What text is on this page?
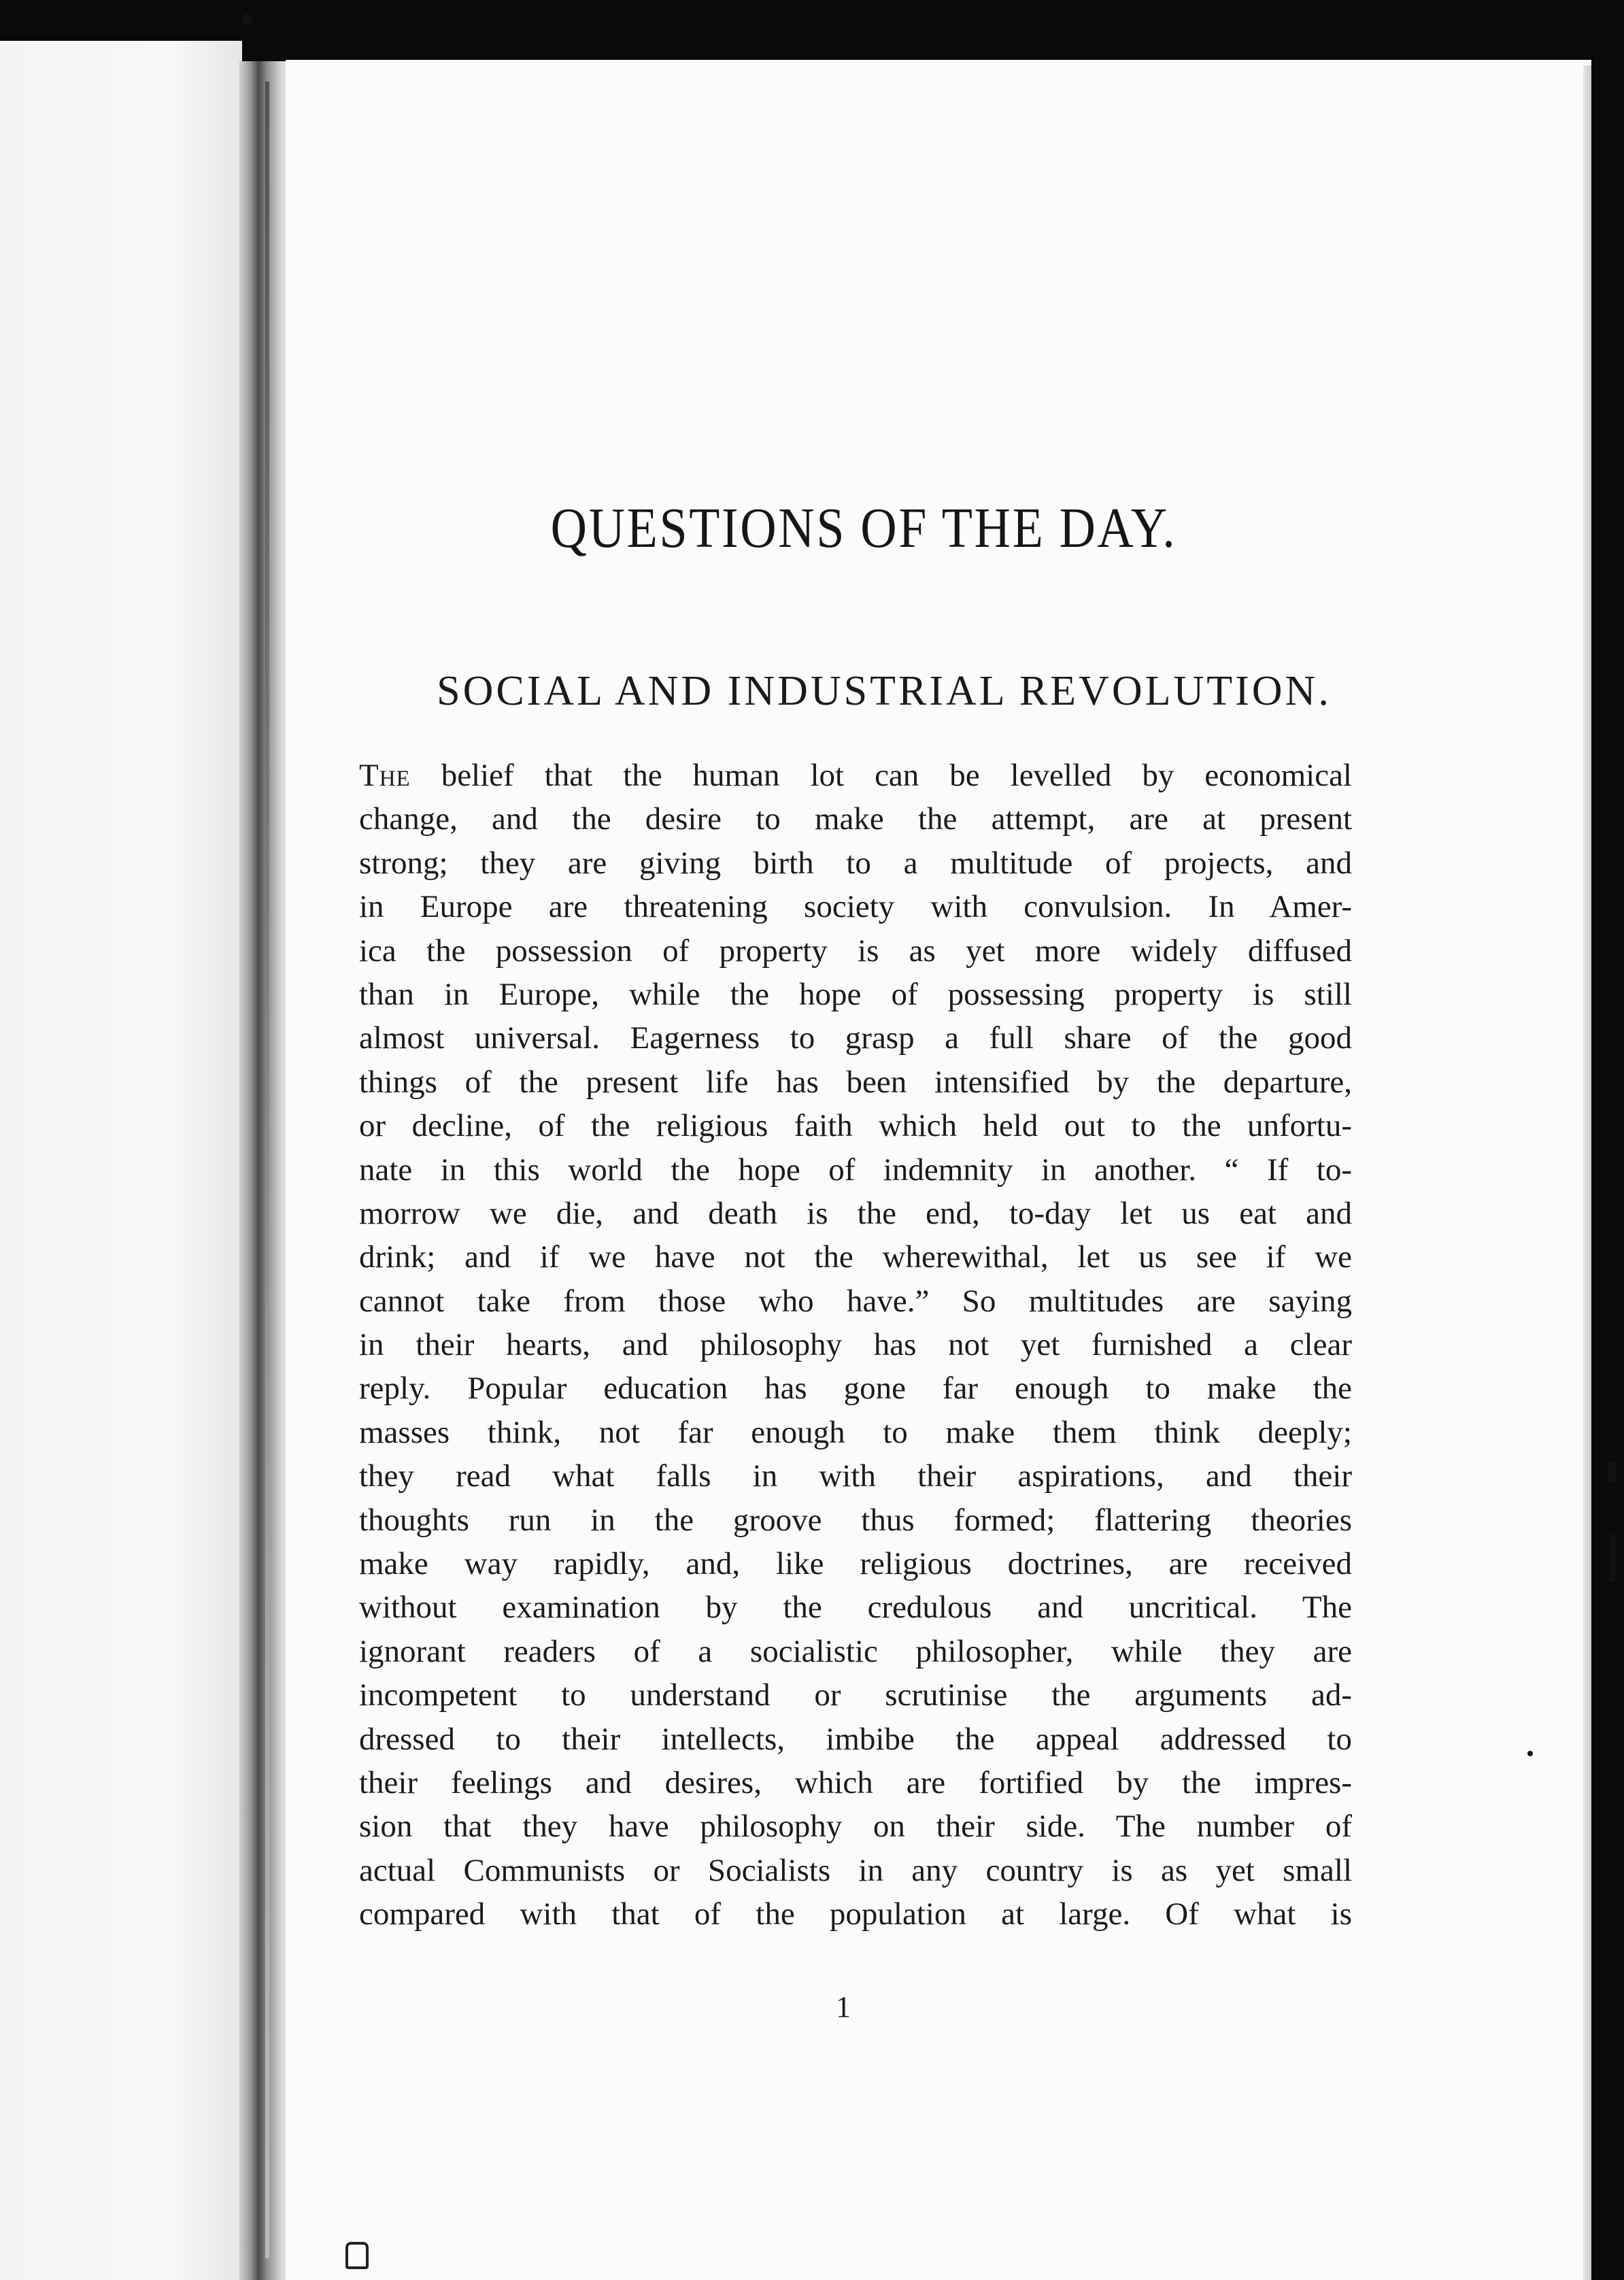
QUESTIONS OF THE DAY.
SOCIAL AND INDUSTRIAL REVOLUTION.
The belief that the human lot can be levelled by economical
change, and the desire to make the attempt, are at present
strong; they are giving birth to a multitude of projects, and
in Europe are threatening society with convulsion. In Amer-
ica the possession of property is as yet more widely diffused
than in Europe, while the hope of possessing property is still
almost universal. Eagerness to grasp a full share of the good
things of the present life has been intensified by the departure,
or decline, of the religious faith which held out to the unfortu-
nate in this world the hope of indemnity in another. “ If to-
morrow we die, and death is the end, to-day let us eat and
drink; and if we have not the wherewithal, let us see if we
cannot take from those who have.” So multitudes are saying
in their hearts, and philosophy has not yet furnished a clear
reply. Popular education has gone far enough to make the
masses think, not far enough to make them think deeply;
they read what falls in with their aspirations, and their
thoughts run in the groove thus formed; flattering theories
make way rapidly, and, like religious doctrines, are received
without examination by the credulous and uncritical. The
ignorant readers of a socialistic philosopher, while they are
incompetent to understand or scrutinise the arguments ad-
dressed to their intellects, imbibe the appeal addressed to
their feelings and desires, which are fortified by the impres-
sion that they have philosophy on their side. The number of
actual Communists or Socialists in any country is as yet small
compared with that of the population at large. Of what is

1
